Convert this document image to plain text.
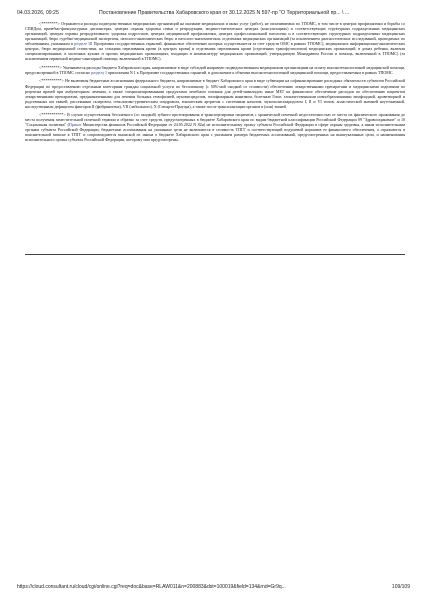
04.03.2026, 09:25	Постановление Правительства Хабаровского края от 30.12.2025 N 597-пр "О Территориальной пр... \ ...

<********> Отражаются расходы подведомственных медицинских организаций на оказание медицинских и иных услуг (работ), не оплачиваемых по ТПОМС, в том числе в центрах профилактики и борьбы со СПИДом, врачебно-физкультурных диспансерах, центрах охраны здоровья семьи и репродукции, медико-генетических центрах (консультациях) и соответствующих структурных подразделениях медицинских организаций, центрах охраны репродуктивного здоровья подростков, центрах медицинской профилактики, центрах профессиональной патологии и в соответствующих структурных подразделениях медицинских организаций, бюро судебно-медицинской экспертизы, патолого-анатомических бюро и патолого-анатомических отделениях медицинских организаций (за исключением диагностических исследований, проводимых по заболеваниям, указанным в разделе III Программы государственных гарантий, финансовое обеспечение которых осуществляется за счет средств ОМС в рамках ТПОМС), медицинских информационно-аналитических центрах, бюро медицинской статистики, на станциях переливания крови (в центрах крови) и отделениях переливания крови (отделениях трансфузиологии) медицинских организаций, в домах ребенка, включая специализированные, в молочных кухнях и прочих медицинских организациях, входящих в номенклатуру медицинских организаций, утверждаемую Минздравом России и помощь, включенной в ТПОМС) (за исключением первичной медико-санитарной помощи, включенной в ТПОМС).

<*********> Указываются расходы бюджета Хабаровского края, направляемые в виде субсидий напрямую подведомственным медицинским организациям на оплату высокотехнологичной медицинской помощи, предусмотренной в ТПОМС согласно разделу I приложения N 1 к Программе государственных гарантий, в дополнение к объемам высокотехнологичной медицинской помощи, предоставляемым в рамках ТПОМС.

<**********> Не включены бюджетные ассигнования федерального бюджета, направляемые в бюджет Хабаровского края в виде субвенции на софинансирование расходных обязательств субъектов Российской Федерации по предоставлению отдельным категориям граждан социальной услуги по бесплатному (с 50%-ной скидкой со стоимости) обеспечению лекарственными препаратами и медицинскими изделиями по рецептам врачей при амбулаторном лечении, а также специализированными продуктами лечебного питания для детей-инвалидов; иные МБТ на финансовое обеспечение расходов по обеспечению пациентов лекарственными препаратами, предназначенными для лечения больных гемофилией, муковисцидозом, гипофизарным нанизмом, болезнью Гоше, злокачественными новообразованиями лимфоидной, кроветворной и родственных им тканей, рассеянным склерозом, гемолитико-уремическим синдромом, юношеским артритом с системным началом, мукополисахаридозом I, II и VI типов, апластической анемией неуточненной, наследственным дефицитом факторов II (фибриногена), VII (лабильного), X (Стюарта-Прауэра), а также после трансплантации органов и (или) тканей.

<***********> В случае осуществления бесплатного (со скидкой) зубного протезирования и транспортировки пациентов с хронической почечной недостаточностью от места их фактического проживания до места получения заместительной почечной терапии и обратно за счет средств, предусмотренных в бюджете Хабаровского края по видам бюджетной классификации Российской Федерации 09 "Здравоохранение" и 10 "Социальная политика" (Приказ Министерства финансов Российской Федерации от 24.05.2022 N 82н) не исполнительному органу субъекта Российской Федерации в сфере охраны здоровья, а иным исполнительным органам субъекта Российской Федерации, бюджетные ассигнования на указанные цели не включаются в стоимость ТПГГ и соответствующий подушевой норматив ее финансового обеспечения, а отражаются в пояснительной записке к ТПГГ и сопровождаются выпиской из закона о бюджете Хабаровского края с указанием размера бюджетных ассигнований, предусмотренных на вышеуказанные цели, и наименования исполнительного органа субъекта Российской Федерации, которому они предусмотрены.

https://cloud.consultant.ru/cloud/cgi/online.cgi?req=doc&base=RLAW011&n=200883&dst=100019&field=134&rnd=Gr9q...	109/109
